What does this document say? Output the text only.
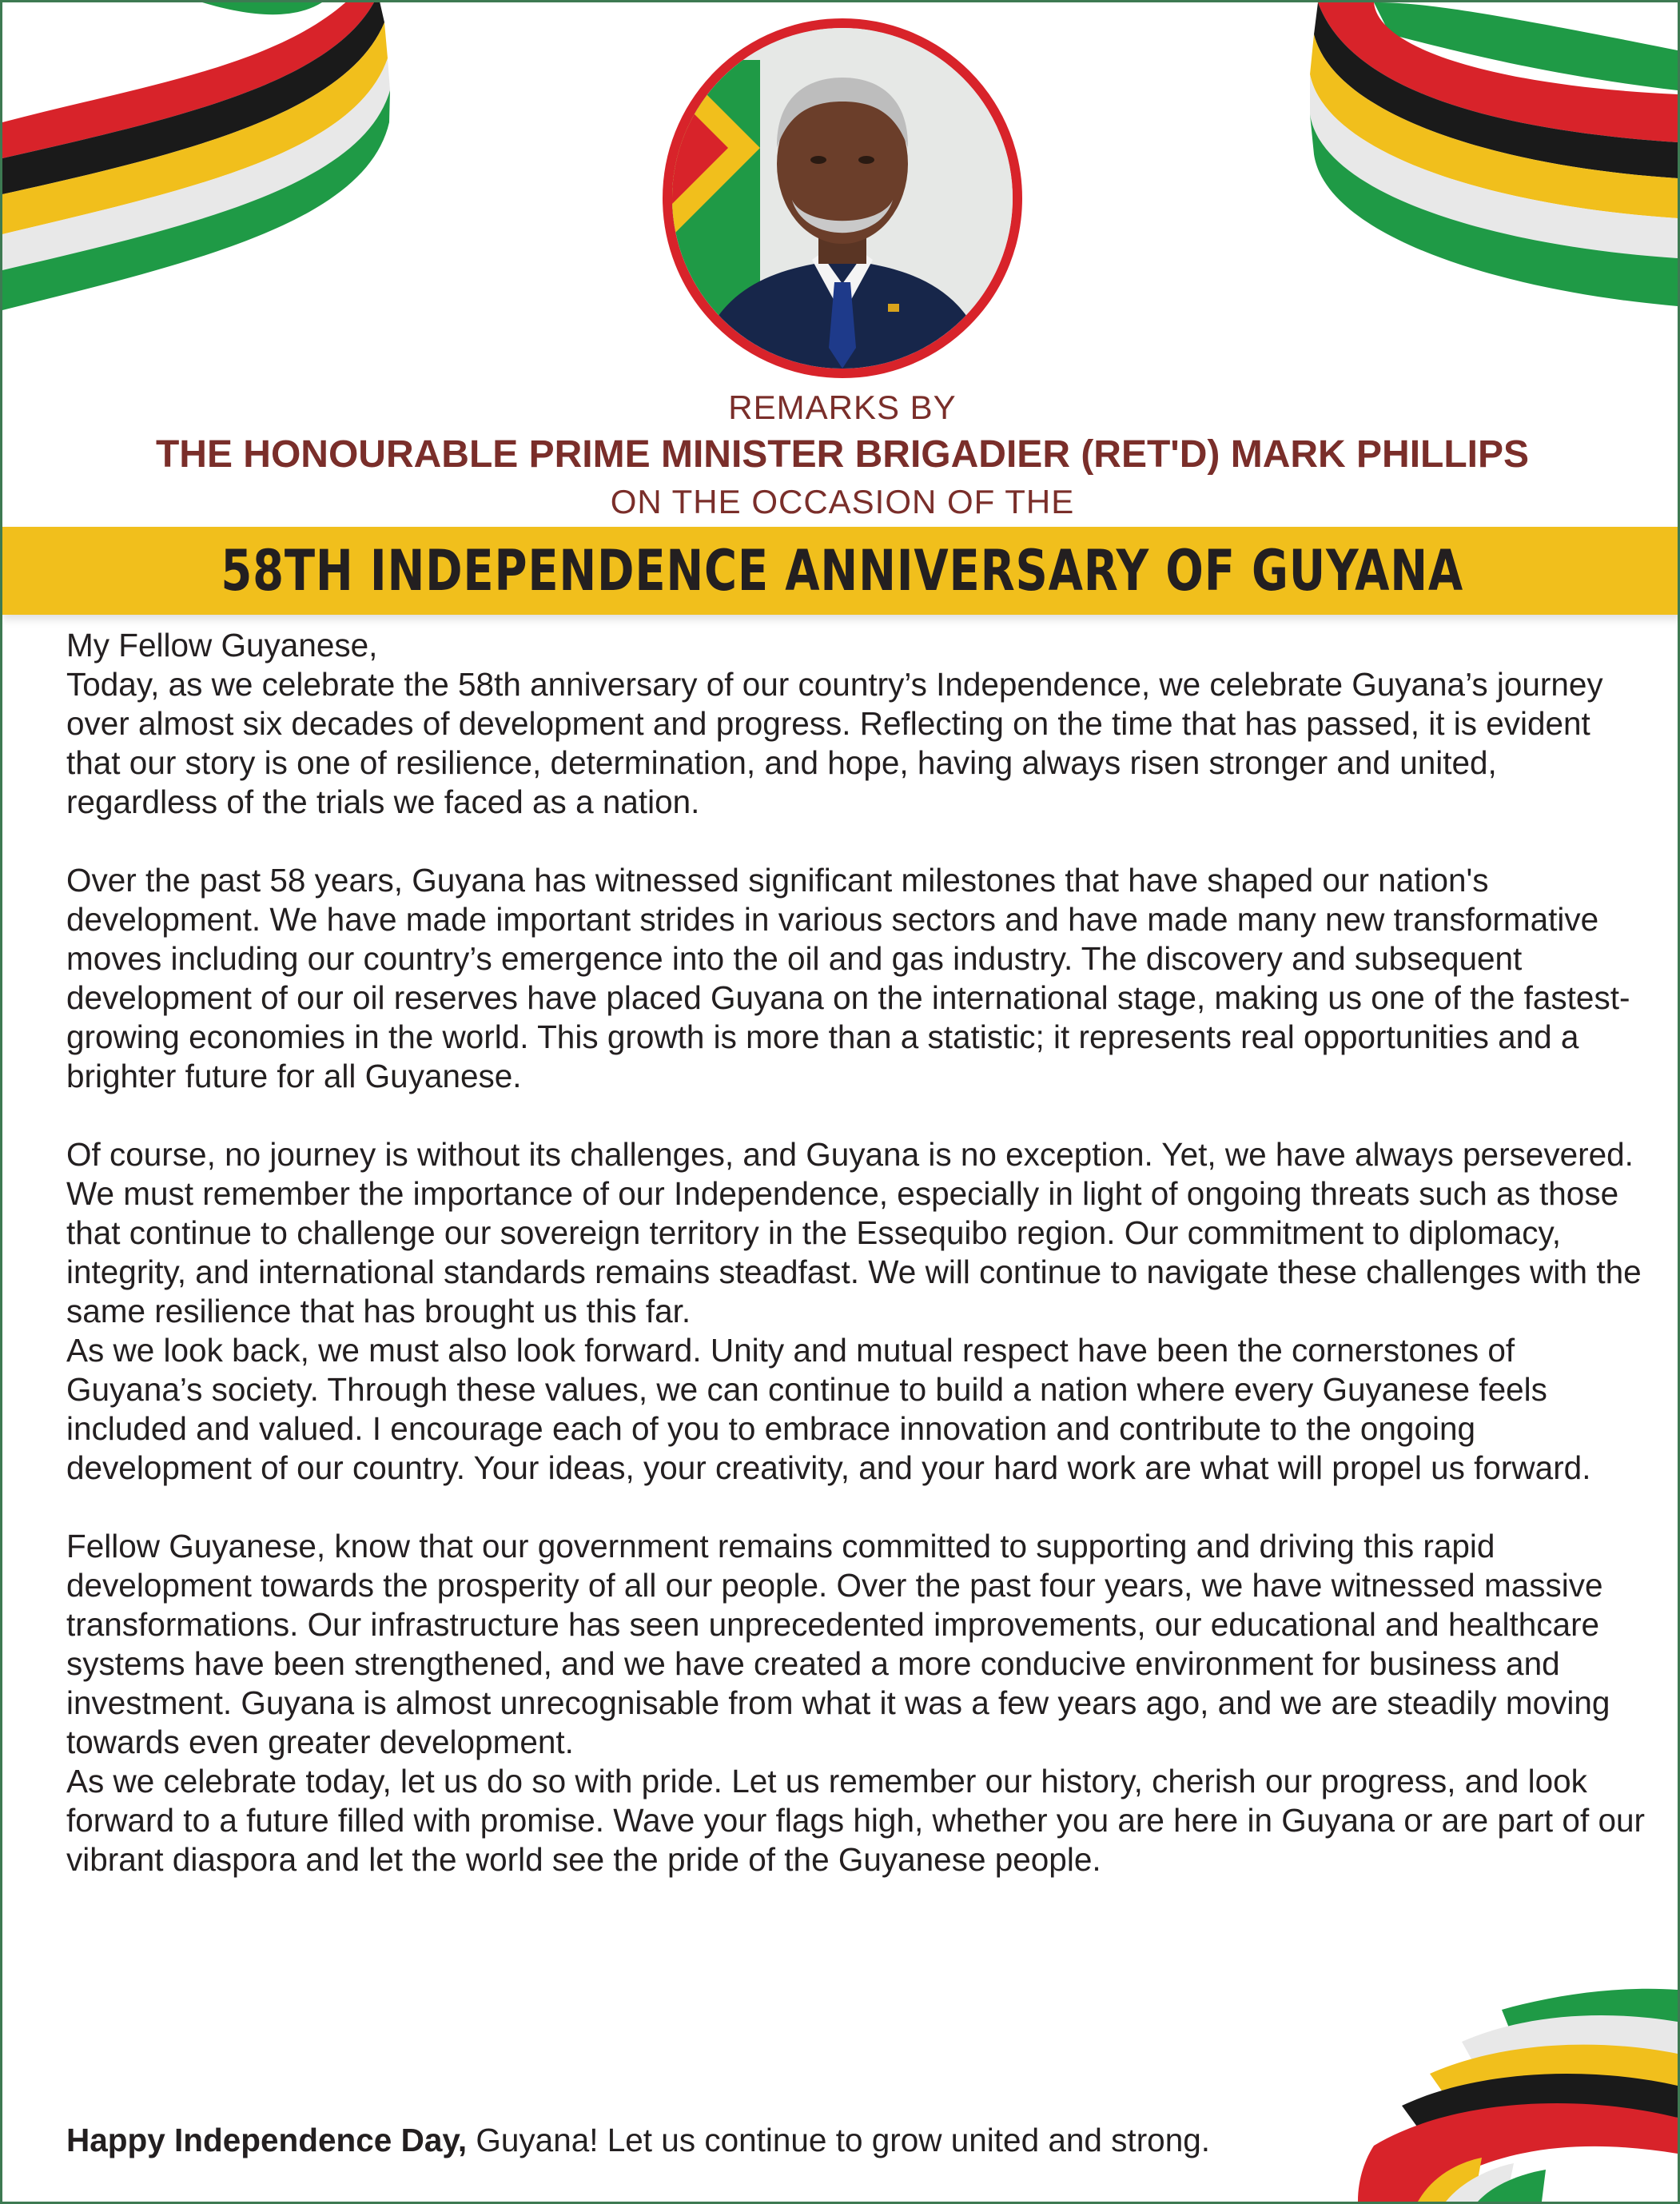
REMARKS BY
THE HONOURABLE PRIME MINISTER BRIGADIER (RET'D) MARK PHILLIPS
ON THE OCCASION OF THE
58TH INDEPENDENCE ANNIVERSARY OF GUYANA

My Fellow Guyanese,

Today, as we celebrate the 58th anniversary of our country’s Independence, we celebrate Guyana’s journey over almost six decades of development and progress. Reflecting on the time that has passed, it is evident that our story is one of resilience, determination, and hope, having always risen stronger and united, regardless of the trials we faced as a nation.

Over the past 58 years, Guyana has witnessed significant milestones that have shaped our nation's development. We have made important strides in various sectors and have made many new transformative moves including our country’s emergence into the oil and gas industry. The discovery and subsequent development of our oil reserves have placed Guyana on the international stage, making us one of the fastest-growing economies in the world. This growth is more than a statistic; it represents real opportunities and a brighter future for all Guyanese.

Of course, no journey is without its challenges, and Guyana is no exception. Yet, we have always persevered. We must remember the importance of our Independence, especially in light of ongoing threats such as those that continue to challenge our sovereign territory in the Essequibo region. Our commitment to diplomacy, integrity, and international standards remains steadfast. We will continue to navigate these challenges with the same resilience that has brought us this far.

As we look back, we must also look forward. Unity and mutual respect have been the cornerstones of Guyana’s society. Through these values, we can continue to build a nation where every Guyanese feels included and valued. I encourage each of you to embrace innovation and contribute to the ongoing development of our country. Your ideas, your creativity, and your hard work are what will propel us forward.

Fellow Guyanese, know that our government remains committed to supporting and driving this rapid development towards the prosperity of all our people. Over the past four years, we have witnessed massive transformations. Our infrastructure has seen unprecedented improvements, our educational and healthcare systems have been strengthened, and we have created a more conducive environment for business and investment. Guyana is almost unrecognisable from what it was a few years ago, and we are steadily moving towards even greater development.

As we celebrate today, let us do so with pride. Let us remember our history, cherish our progress, and look forward to a future filled with promise. Wave your flags high, whether you are here in Guyana or are part of our vibrant diaspora and let the world see the pride of the Guyanese people.

Happy Independence Day, Guyana! Let us continue to grow united and strong.
